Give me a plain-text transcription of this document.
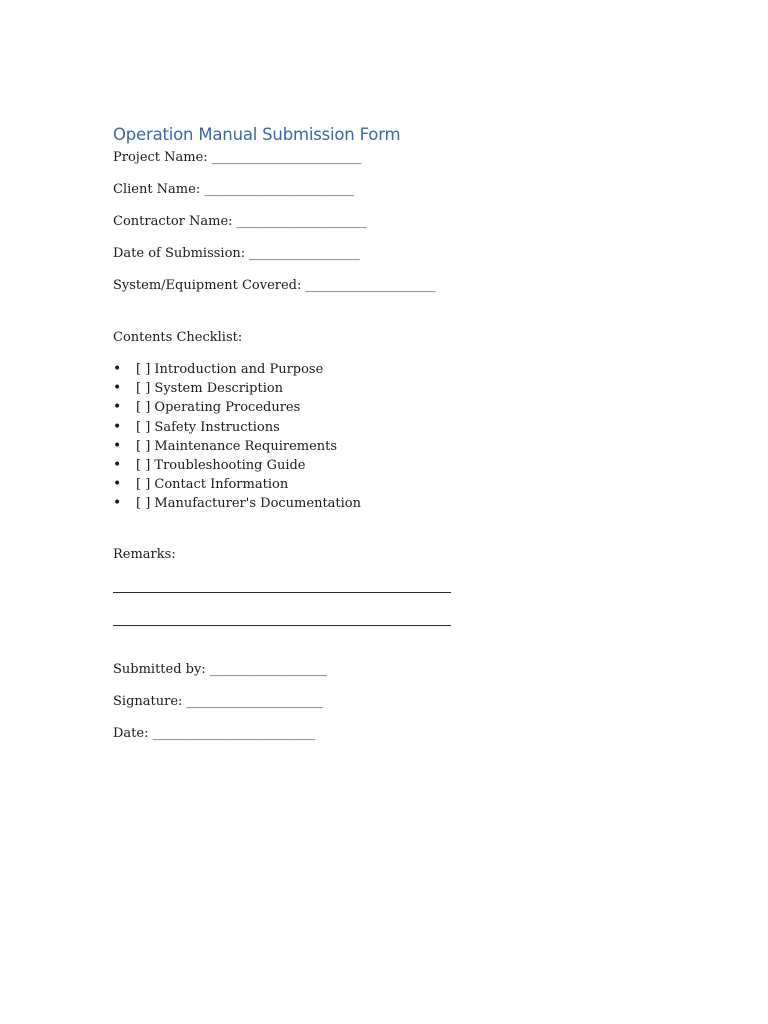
Operation Manual Submission Form
Project Name: _______________________
Client Name: _______________________
Contractor Name: ____________________
Date of Submission: _________________
System/Equipment Covered: ____________________
Contents Checklist:
• [ ] Introduction and Purpose
• [ ] System Description
• [ ] Operating Procedures
• [ ] Safety Instructions
• [ ] Maintenance Requirements
• [ ] Troubleshooting Guide
• [ ] Contact Information
• [ ] Manufacturer's Documentation
Remarks:
Submitted by: __________________
Signature: _____________________
Date: _________________________
